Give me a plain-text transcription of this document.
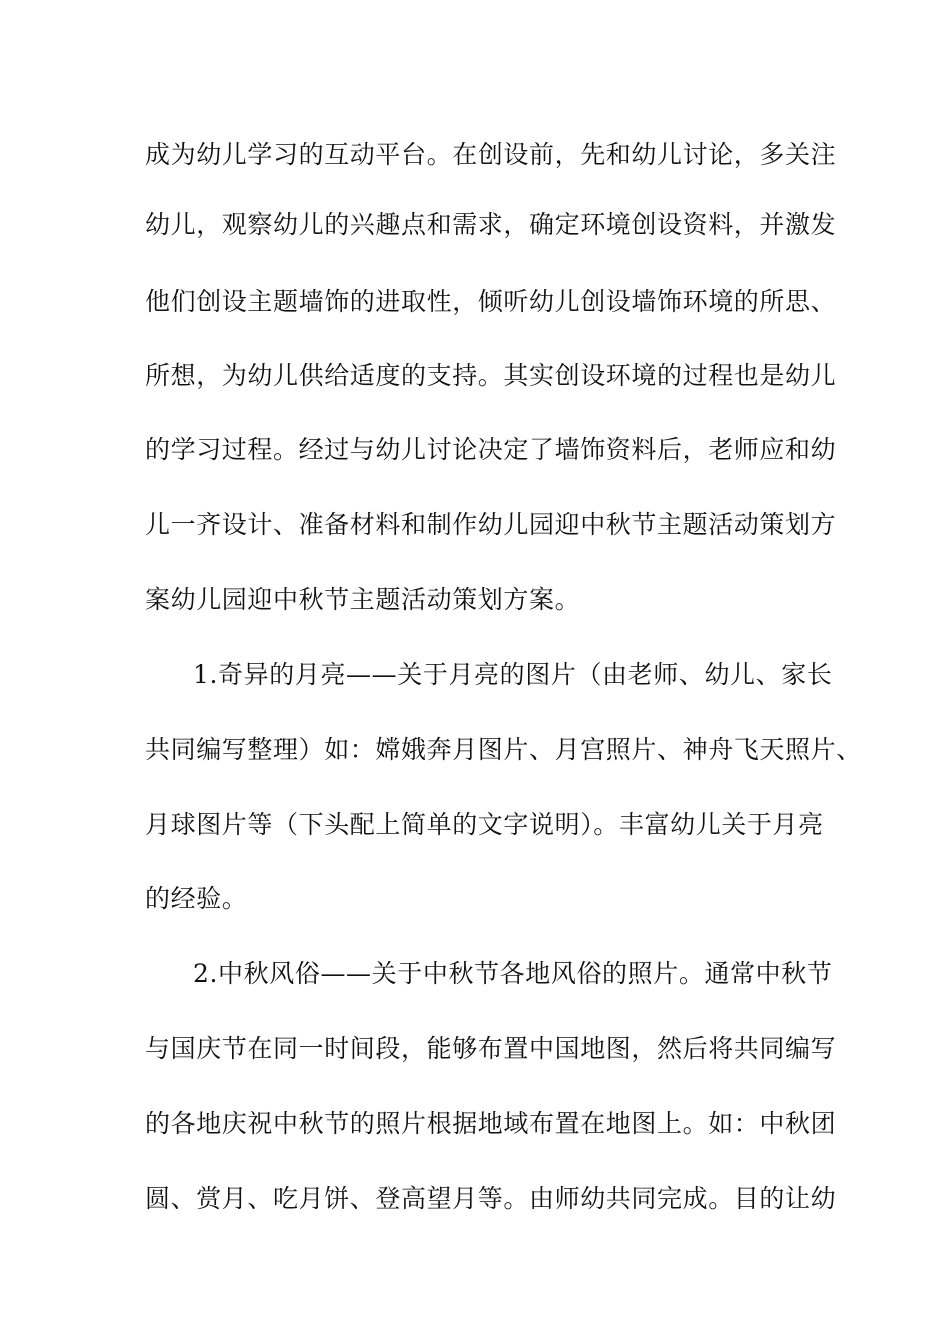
成为幼儿学习的互动平台。在创设前，先和幼儿讨论，多关注
幼儿，观察幼儿的兴趣点和需求，确定环境创设资料，并激发
他们创设主题墙饰的进取性，倾听幼儿创设墙饰环境的所思、
所想，为幼儿供给适度的支持。其实创设环境的过程也是幼儿
的学习过程。经过与幼儿讨论决定了墙饰资料后，老师应和幼
儿一齐设计、准备材料和制作幼儿园迎中秋节主题活动策划方
案幼儿园迎中秋节主题活动策划方案。
1.奇异的月亮——关于月亮的图片（由老师、幼儿、家长
共同编写整理）如：嫦娥奔月图片、月宫照片、神舟飞天照片、
月球图片等（下头配上简单的文字说明）。丰富幼儿关于月亮
的经验。
2.中秋风俗——关于中秋节各地风俗的照片。通常中秋节
与国庆节在同一时间段，能够布置中国地图，然后将共同编写
的各地庆祝中秋节的照片根据地域布置在地图上。如：中秋团
圆、赏月、吃月饼、登高望月等。由师幼共同完成。目的让幼
